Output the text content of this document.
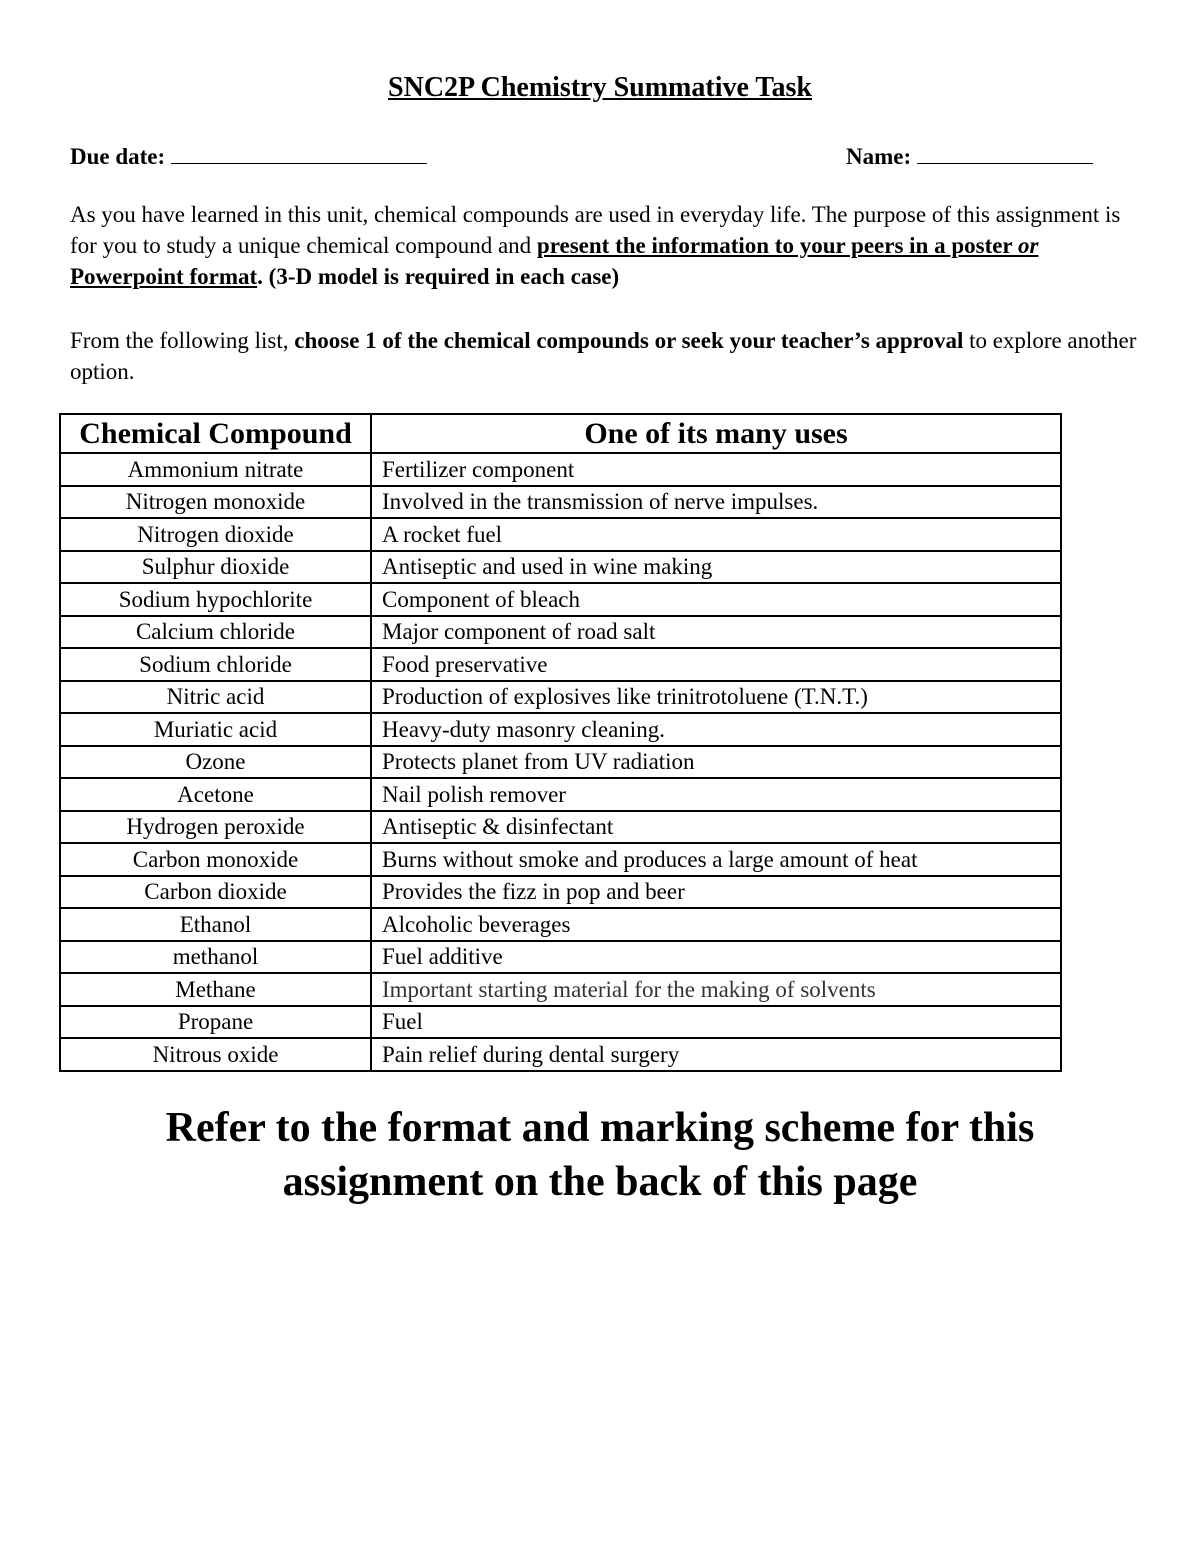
SNC2P Chemistry Summative Task
Due date:	Name:
As you have learned in this unit, chemical compounds are used in everyday life. The purpose of this assignment is for you to study a unique chemical compound and present the information to your peers in a poster or Powerpoint format. (3-D model is required in each case)
From the following list, choose 1 of the chemical compounds or seek your teacher’s approval to explore another option.
Chemical Compound	One of its many uses
Ammonium nitrate	Fertilizer component
Nitrogen monoxide	Involved in the transmission of nerve impulses.
Nitrogen dioxide	A rocket fuel
Sulphur dioxide	Antiseptic and used in wine making
Sodium hypochlorite	Component of bleach
Calcium chloride	Major component of road salt
Sodium chloride	Food preservative
Nitric acid	Production of explosives like trinitrotoluene (T.N.T.)
Muriatic acid	Heavy-duty masonry cleaning.
Ozone	Protects planet from UV radiation
Acetone	Nail polish remover
Hydrogen peroxide	Antiseptic & disinfectant
Carbon monoxide	Burns without smoke and produces a large amount of heat
Carbon dioxide	Provides the fizz in pop and beer
Ethanol	Alcoholic beverages
methanol	Fuel additive
Methane	Important starting material for the making of solvents
Propane	Fuel
Nitrous oxide	Pain relief during dental surgery
Refer to the format and marking scheme for this
assignment on the back of this page
